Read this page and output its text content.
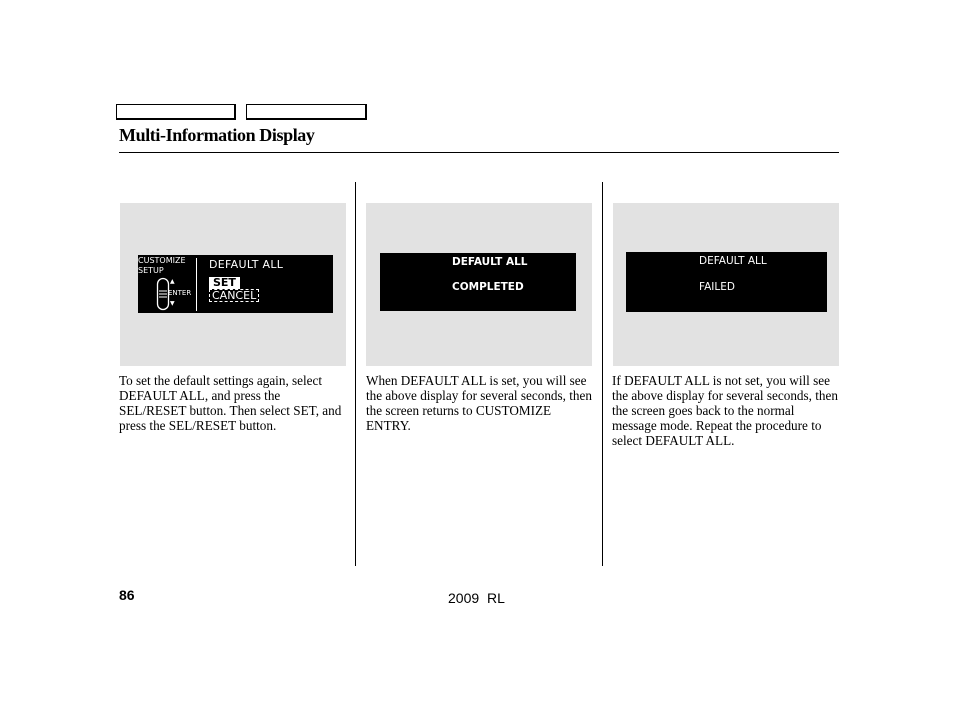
Multi-Information Display
CUSTOMIZE
SETUP
▲
ENTER
▼
DEFAULT ALL
SET
CANCEL
DEFAULT ALL
COMPLETED
DEFAULT ALL
FAILED
To set the default settings again, select DEFAULT ALL, and press the SEL/RESET button. Then select SET, and press the SEL/RESET button.
When DEFAULT ALL is set, you will see the above display for several seconds, then the screen returns to CUSTOMIZE ENTRY.
If DEFAULT ALL is not set, you will see the above display for several seconds, then the screen goes back to the normal message mode. Repeat the procedure to select DEFAULT ALL.
86	2009 RL
